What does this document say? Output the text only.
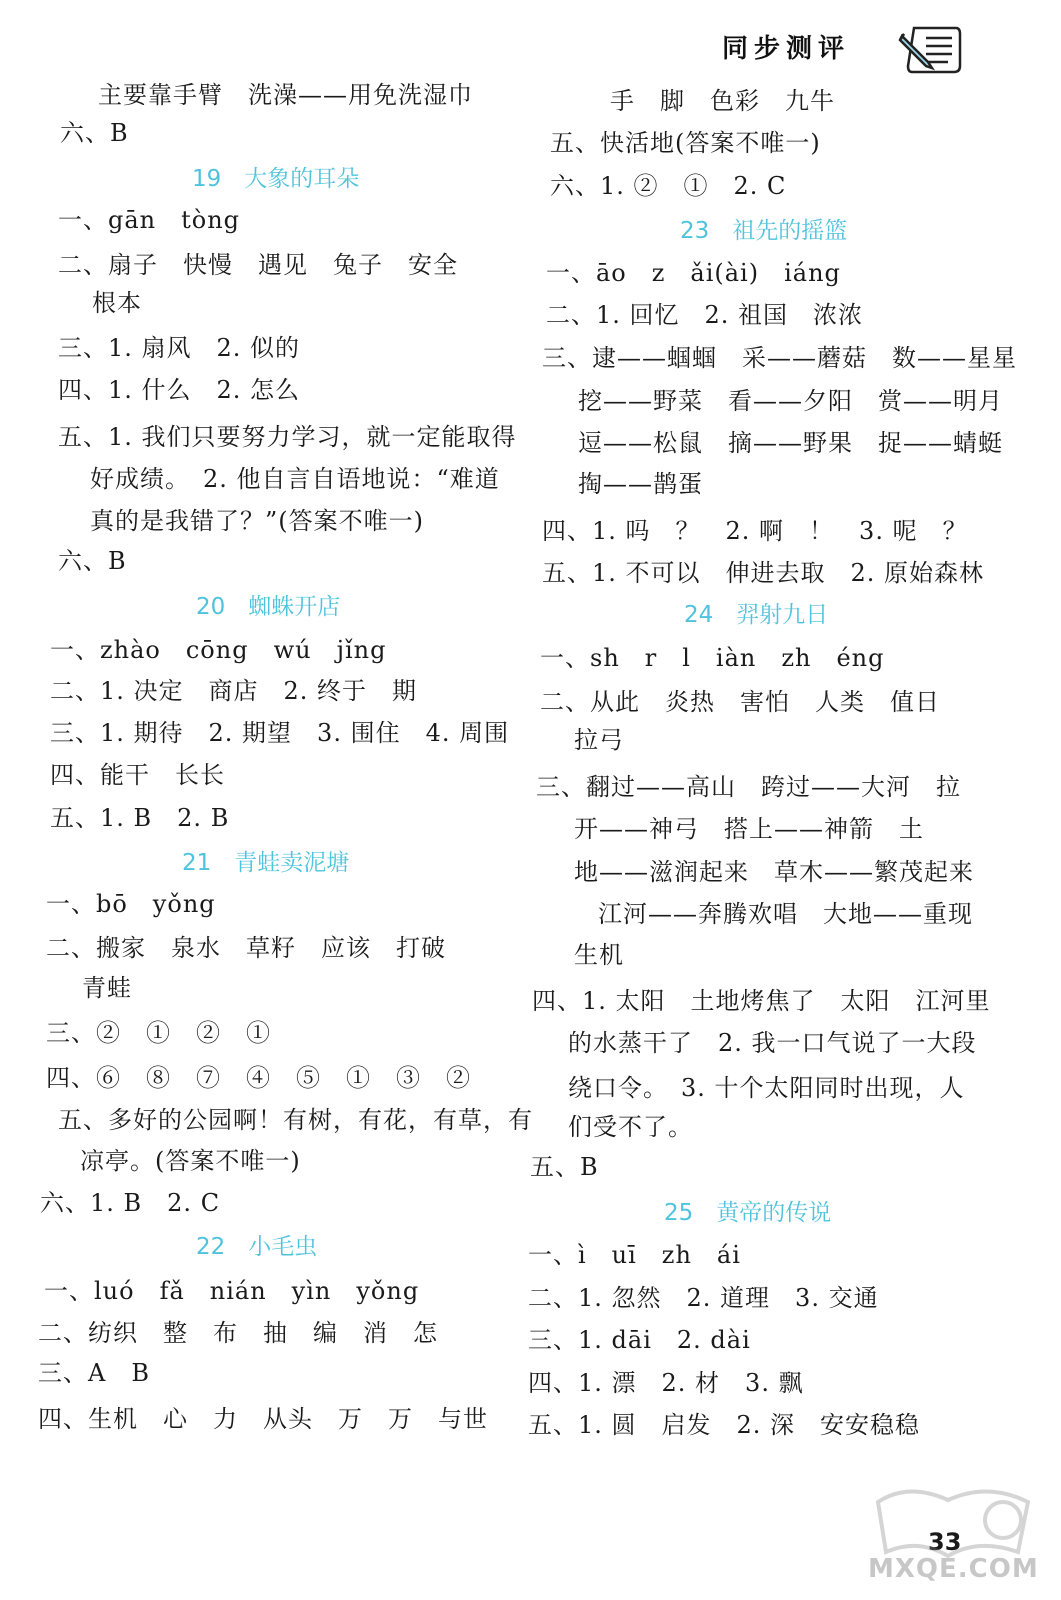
同步测评
主要靠手臂　洗澡——用免洗湿巾
六、B
19　大象的耳朵
一、gān　tòng
二、扇子　快慢　遇见　兔子　安全
根本
三、1. 扇风　2. 似的
四、1. 什么　2. 怎么
五、1. 我们只要努力学习，就一定能取得
好成绩。　2. 他自言自语地说：“难道
真的是我错了？”(答案不唯一)
六、B
20　蜘蛛开店
一、zhào　cōng　wú　jǐng
二、1. 决定　商店　2. 终于　期
三、1. 期待　2. 期望　3. 围住　4. 周围
四、能干　长长
五、1. B　2. B
21　青蛙卖泥塘
一、bō　yǒng
二、搬家　泉水　草籽　应该　打破
青蛙
三、②　①　②　①
四、⑥　⑧　⑦　④　⑤　①　③　②
五、多好的公园啊！有树，有花，有草，有
凉亭。(答案不唯一)
六、1. B　2. C
22　小毛虫
一、luó　fǎ　nián　yìn　yǒng
二、纺织　整　布　抽　编　消　怎
三、A　B
四、生机　心　力　从头　万　万　与世
手　脚　色彩　九牛
五、快活地(答案不唯一)
六、1. ②　①　2. C
23　祖先的摇篮
一、āo　z　ǎi(ài)　iáng
二、1. 回忆　2. 祖国　浓浓
三、逮——蝈蝈　采——蘑菇　数——星星
挖——野菜　看——夕阳　赏——明月
逗——松鼠　摘——野果　捉——蜻蜓
掏——鹊蛋
四、1. 吗　？　2. 啊　！　3. 呢　？
五、1. 不可以　伸进去取　2. 原始森林
24　羿射九日
一、sh　r　l　iàn　zh　éng
二、从此　炎热　害怕　人类　值日
拉弓
三、翻过——高山　跨过——大河　拉
开——神弓　搭上——神箭　土
地——滋润起来　草木——繁茂起来
江河——奔腾欢唱　大地——重现
生机
四、1. 太阳　土地烤焦了　太阳　江河里
的水蒸干了　2. 我一口气说了一大段
绕口令。　3. 十个太阳同时出现，人
们受不了。
五、B
25　黄帝的传说
一、ì　uī　zh　ái
二、1. 忽然　2. 道理　3. 交通
三、1. dāi　2. dài
四、1. 漂　2. 材　3. 飘
五、1. 圆　启发　2. 深　安安稳稳
33
MXQE.COM
